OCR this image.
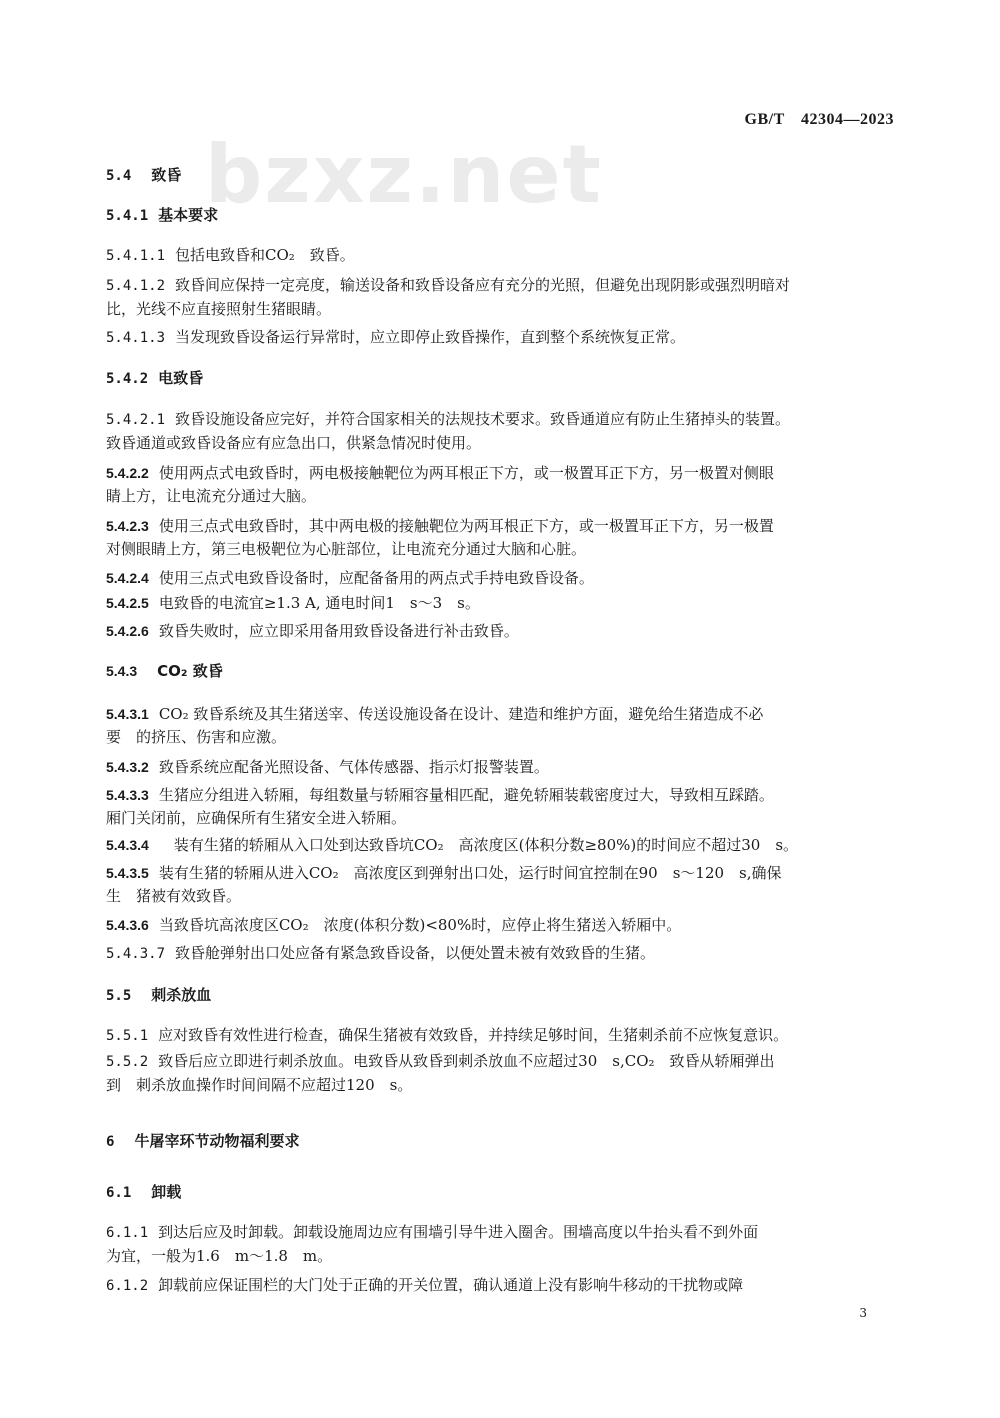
bzxz.net
GB/T　42304—2023
5.4 致昏
5.4.1 基本要求
5.4.1.1 包括电致昏和CO₂　致昏。
5.4.1.2 致昏间应保持一定亮度，输送设备和致昏设备应有充分的光照，但避免出现阴影或强烈明暗对
比，光线不应直接照射生猪眼睛。
5.4.1.3 当发现致昏设备运行异常时，应立即停止致昏操作，直到整个系统恢复正常。
5.4.2 电致昏
5.4.2.1 致昏设施设备应完好，并符合国家相关的法规技术要求。致昏通道应有防止生猪掉头的装置。
致昏通道或致昏设备应有应急出口，供紧急情况时使用。
5.4.2.2 使用两点式电致昏时，两电极接触靶位为两耳根正下方，或一极置耳正下方，另一极置对侧眼
睛上方，让电流充分通过大脑。
5.4.2.3 使用三点式电致昏时，其中两电极的接触靶位为两耳根正下方，或一极置耳正下方，另一极置
对侧眼睛上方，第三电极靶位为心脏部位，让电流充分通过大脑和心脏。
5.4.2.4 使用三点式电致昏设备时，应配备备用的两点式手持电致昏设备。
5.4.2.5 电致昏的电流宜≥1.3 A, 通电时间1　s～3　s。
5.4.2.6 致昏失败时，应立即采用备用致昏设备进行补击致昏。
5.4.3 CO₂ 致昏
5.4.3.1 CO₂ 致昏系统及其生猪送宰、传送设施设备在设计、建造和维护方面，避免给生猪造成不必
要　的挤压、伤害和应激。
5.4.3.2 致昏系统应配备光照设备、气体传感器、指示灯报警装置。
5.4.3.3 生猪应分组进入轿厢，每组数量与轿厢容量相匹配，避免轿厢装载密度过大，导致相互踩踏。
厢门关闭前，应确保所有生猪安全进入轿厢。
5.4.3.4　装有生猪的轿厢从入口处到达致昏坑CO₂　高浓度区(体积分数≥80%)的时间应不超过30　s。
5.4.3.5 装有生猪的轿厢从进入CO₂　高浓度区到弹射出口处，运行时间宜控制在90　s～120　s,确保
生　猪被有效致昏。
5.4.3.6 当致昏坑高浓度区CO₂　浓度(体积分数)<80%时，应停止将生猪送入轿厢中。
5.4.3.7 致昏舱弹射出口处应备有紧急致昏设备，以便处置未被有效致昏的生猪。
5.5 刺杀放血
5.5.1 应对致昏有效性进行检查，确保生猪被有效致昏，并持续足够时间，生猪刺杀前不应恢复意识。
5.5.2 致昏后应立即进行刺杀放血。电致昏从致昏到刺杀放血不应超过30　s,CO₂　致昏从轿厢弹出
到　刺杀放血操作时间间隔不应超过120　s。
6 牛屠宰环节动物福利要求
6.1 卸载
6.1.1 到达后应及时卸载。卸载设施周边应有围墙引导牛进入圈舍。围墙高度以牛抬头看不到外面
为宜，一般为1.6　m～1.8　m。
6.1.2 卸载前应保证围栏的大门处于正确的开关位置，确认通道上没有影响牛移动的干扰物或障
3
